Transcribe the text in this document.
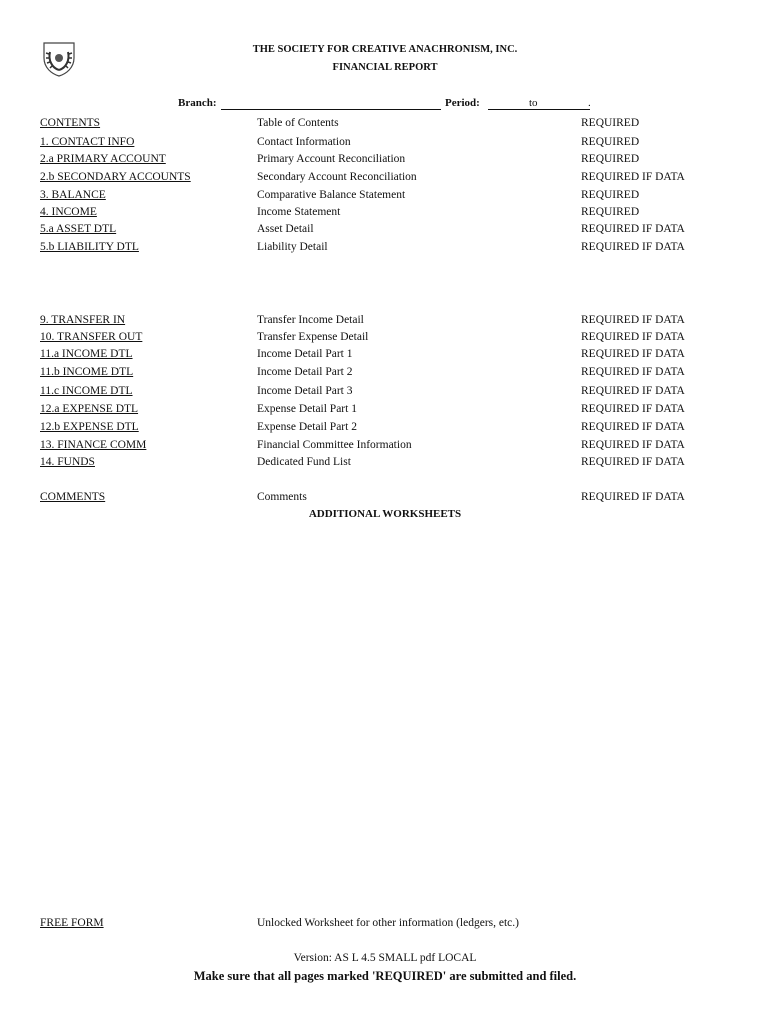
THE SOCIETY FOR CREATIVE ANACHRONISM, INC.
FINANCIAL REPORT
Branch:	Period:	to	.
CONTENTS	Table of Contents	REQUIRED
1. CONTACT INFO	Contact Information	REQUIRED
2.a PRIMARY ACCOUNT	Primary Account Reconciliation	REQUIRED
2.b SECONDARY ACCOUNTS	Secondary Account Reconciliation	REQUIRED IF DATA
3. BALANCE	Comparative Balance Statement	REQUIRED
4. INCOME	Income Statement	REQUIRED
5.a ASSET DTL	Asset Detail	REQUIRED IF DATA
5.b LIABILITY DTL	Liability Detail	REQUIRED IF DATA
9. TRANSFER IN	Transfer Income Detail	REQUIRED IF DATA
10. TRANSFER OUT	Transfer Expense Detail	REQUIRED IF DATA
11.a INCOME DTL	Income Detail Part 1	REQUIRED IF DATA
11.b INCOME DTL	Income Detail Part 2	REQUIRED IF DATA
11.c INCOME DTL	Income Detail Part 3	REQUIRED IF DATA
12.a EXPENSE DTL	Expense Detail Part 1	REQUIRED IF DATA
12.b EXPENSE DTL	Expense Detail Part 2	REQUIRED IF DATA
13. FINANCE COMM	Financial Committee Information	REQUIRED IF DATA
14. FUNDS	Dedicated Fund List	REQUIRED IF DATA
COMMENTS	Comments	REQUIRED IF DATA
ADDITIONAL WORKSHEETS
FREE FORM	Unlocked Worksheet for other information (ledgers, etc.)
Version: AS L 4.5 SMALL pdf LOCAL
Make sure that all pages marked 'REQUIRED' are submitted and filed.
